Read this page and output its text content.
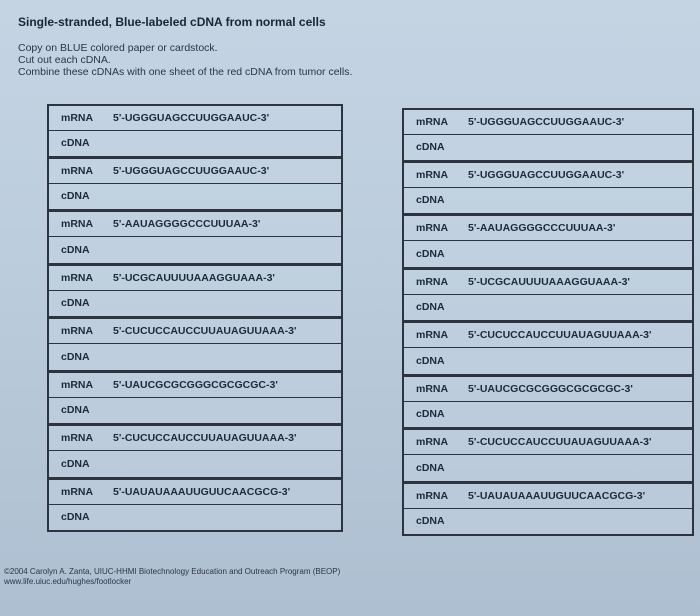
Single-stranded, Blue-labeled cDNA from normal cells
Copy on BLUE colored paper or cardstock.
Cut out each cDNA.
Combine these cDNAs with one sheet of the red cDNA from tumor cells.
mRNA	5'-UGGGUAGCCUUGGAAUC-3'
cDNA
mRNA	5'-UGGGUAGCCUUGGAAUC-3'
cDNA
mRNA	5'-AAUAGGGGCCCUUUAA-3'
cDNA
mRNA	5'-UCGCAUUUUAAAGGUAAA-3'
cDNA
mRNA	5'-CUCUCCAUCCUUAUAGUUAAA-3'
cDNA
mRNA	5'-UAUCGCGCGGGCGCGCGC-3'
cDNA
mRNA	5'-CUCUCCAUCCUUAUAGUUAAA-3'
cDNA
mRNA	5'-UAUAUAAAUUGUUCAACGCG-3'
cDNA
mRNA	5'-UGGGUAGCCUUGGAAUC-3'
cDNA
mRNA	5'-UGGGUAGCCUUGGAAUC-3'
cDNA
mRNA	5'-AAUAGGGGCCCUUUAA-3'
cDNA
mRNA	5'-UCGCAUUUUAAAGGUAAA-3'
cDNA
mRNA	5'-CUCUCCAUCCUUAUAGUUAAA-3'
cDNA
mRNA	5'-UAUCGCGCGGGCGCGCGC-3'
cDNA
mRNA	5'-CUCUCCAUCCUUAUAGUUAAA-3'
cDNA
mRNA	5'-UAUAUAAAUUGUUCAACGCG-3'
cDNA
©2004 Carolyn A. Zanta, UIUC-HHMI Biotechnology Education and Outreach Program (BEOP)
www.life.uiuc.edu/hughes/footlocker
